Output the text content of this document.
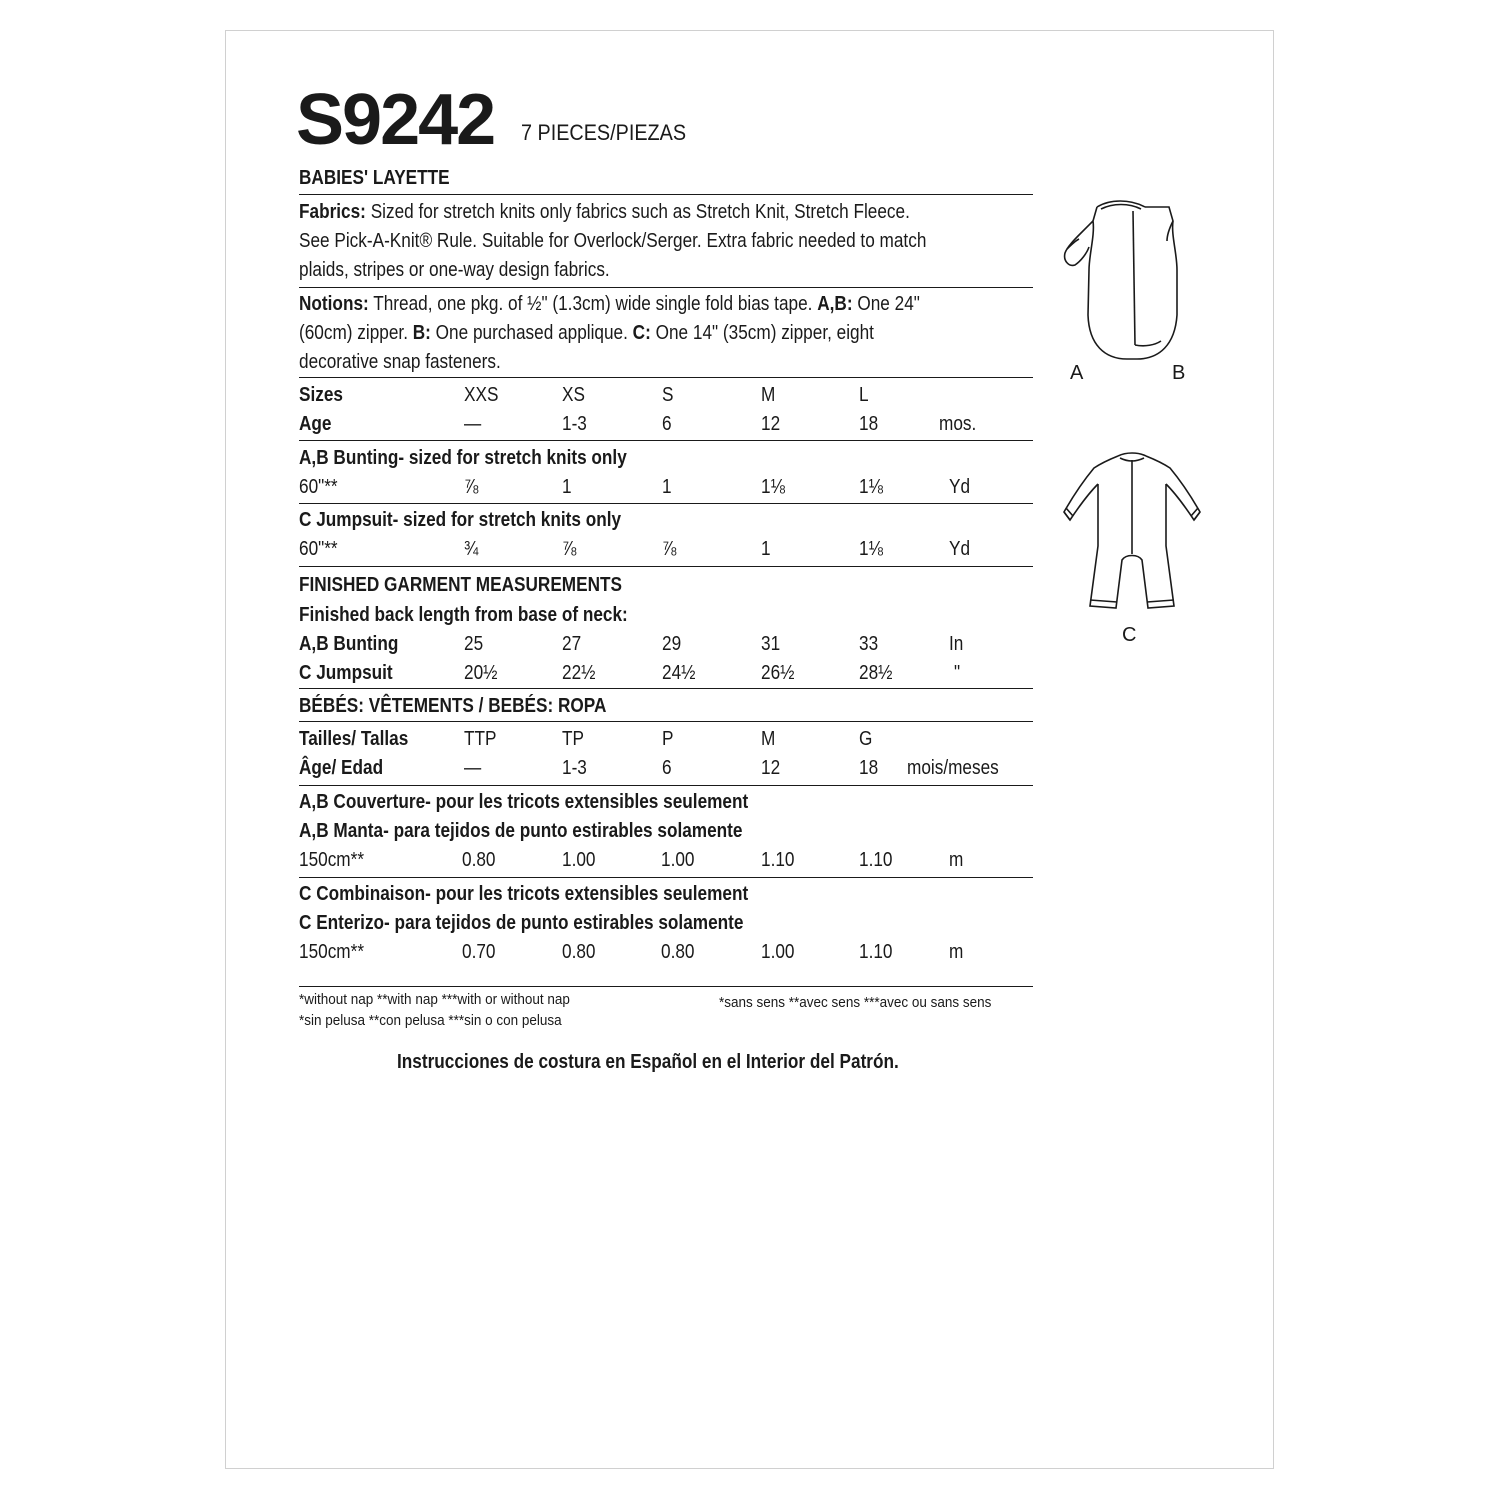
S9242 7 PIECES/PIEZAS
BABIES' LAYETTE
Fabrics: Sized for stretch knits only fabrics such as Stretch Knit, Stretch Fleece.
See Pick-A-Knit® Rule. Suitable for Overlock/Serger. Extra fabric needed to match
plaids, stripes or one-way design fabrics.
Notions: Thread, one pkg. of ½" (1.3cm) wide single fold bias tape. A,B: One 24"
(60cm) zipper. B: One purchased applique. C: One 14" (35cm) zipper, eight
decorative snap fasteners.
Sizes	XXS	XS	S	M	L
Age	—	1-3	6	12	18	mos.
A,B Bunting- sized for stretch knits only
60"**	⅞	1	1	1⅛	1⅛	Yd
C Jumpsuit- sized for stretch knits only
60"**	¾	⅞	⅞	1	1⅛	Yd
FINISHED GARMENT MEASUREMENTS
Finished back length from base of neck:
A,B Bunting	25	27	29	31	33	In
C Jumpsuit	20½	22½	24½	26½	28½	"
BÉBÉS: VÊTEMENTS / BEBÉS: ROPA
Tailles/ Tallas	TTP	TP	P	M	G
Âge/ Edad	—	1-3	6	12	18 mois/meses
A,B Couverture- pour les tricots extensibles seulement
A,B Manta- para tejidos de punto estirables solamente
150cm**	0.80	1.00	1.00	1.10	1.10	m
C Combinaison- pour les tricots extensibles seulement
C Enterizo- para tejidos de punto estirables solamente
150cm**	0.70	0.80	0.80	1.00	1.10	m
*without nap **with nap ***with or without nap
*sin pelusa **con pelusa ***sin o con pelusa
*sans sens **avec sens ***avec ou sans sens
Instrucciones de costura en Español en el Interior del Patrón.
A	B
C
